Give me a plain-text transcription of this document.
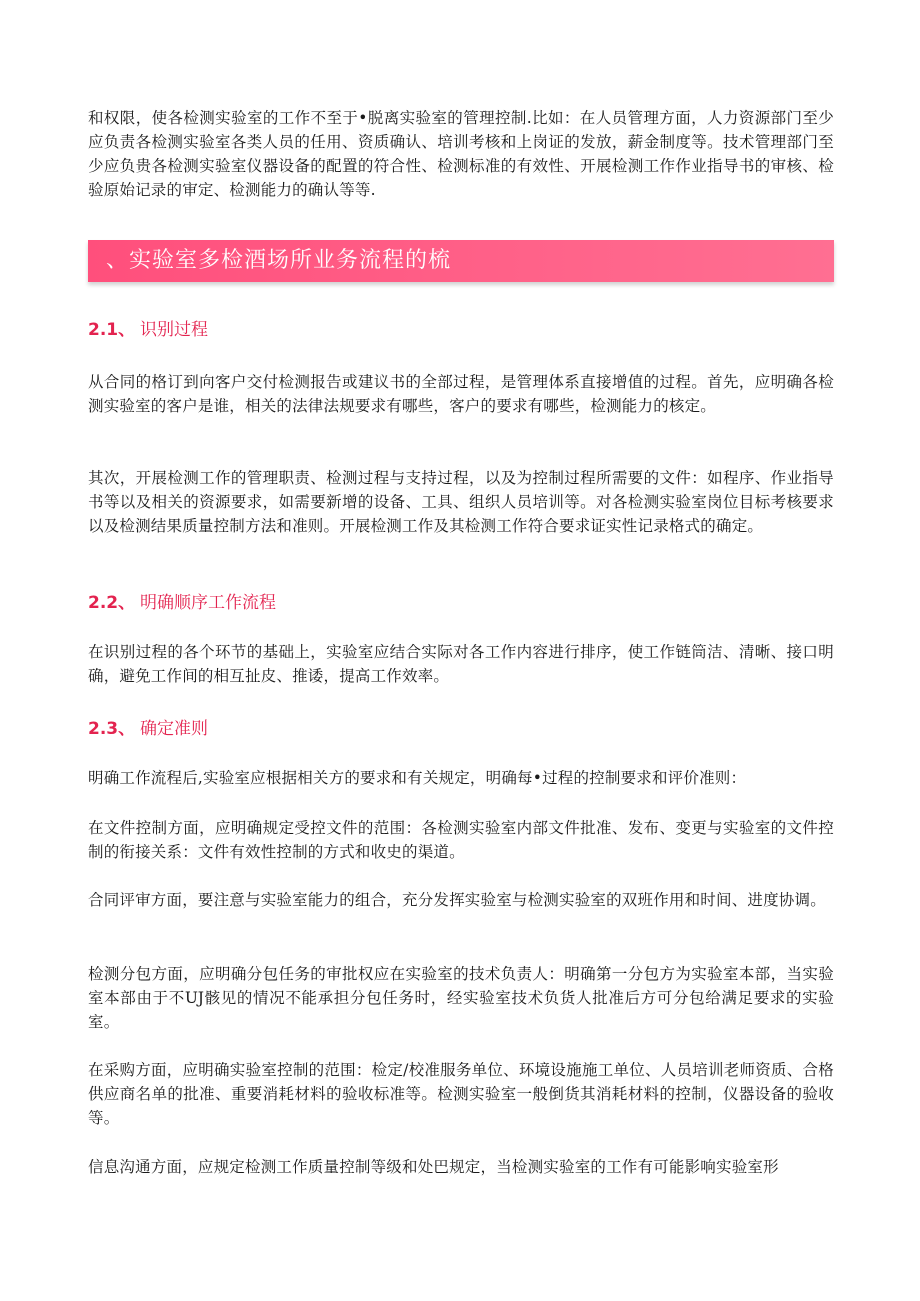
和权限，使各检测实验室的工作不至于•脱离实验室的管理控制.比如：在人员管理方面，人力资源部门至少应负责各检测实验室各类人员的任用、资质确认、培训考核和上岗证的发放，薪金制度等。技术管理部门至少应负贵各检测实验室仪器设备的配置的符合性、检测标准的有效性、开展检测工作作业指导书的审核、检验原始记录的审定、检测能力的确认等等.

、实验室多检酒场所业务流程的梳
2.1、 识别过程

从合同的格订到向客户交付检测报告或建议书的全部过程，是管理体系直接增值的过程。首先，应明确各检测实验室的客户是谁，相关的法律法规要求有哪些，客户的要求有哪些，检测能力的核定。

其次，开展检测工作的管理职责、检测过程与支持过程，以及为控制过程所需要的文件：如程序、作业指导书等以及相关的资源要求，如需要新增的设备、工具、组织人员培训等。对各检测实验室岗位目标考核要求以及检测结果质量控制方法和准则。开展检测工作及其检测工作符合要求证实性记录格式的确定。

2.2、 明确顺序工作流程

在识别过程的各个环节的基础上，实验室应结合实际对各工作内容进行排序，使工作链筒洁、清晰、接口明确，避免工作间的相互扯皮、推诿，提高工作效率。

2.3、 确定准则

明确工作流程后,实验室应根据相关方的要求和有关规定，明确每•过程的控制要求和评价准则：

在文件控制方面，应明确规定受控文件的范围：各检测实验室内部文件批准、发布、变更与实验室的文件控制的衔接关系：文件有效性控制的方式和收史的渠道。

合同评审方面，要注意与实验室能力的组合，充分发挥实验室与检测实验室的双班作用和时间、进度协调。

检测分包方面，应明确分包任务的审批权应在实验室的技术负责人：明确第一分包方为实验室本部，当实验室本部由于不UJ骸见的情况不能承担分包任务时，经实验室技术负货人批准后方可分包给满足要求的实验室。

在采购方面，应明确实验室控制的范围：检定/校准服务单位、环境设施施工单位、人员培训老师资质、合格供应商名单的批准、重要消耗材料的验收标准等。检测实验室一般倒货其消耗材料的控制，仪器设备的验收等。

信息沟通方面，应规定检测工作质量控制等级和处巴规定，当检测实验室的工作有可能影响实验室形
